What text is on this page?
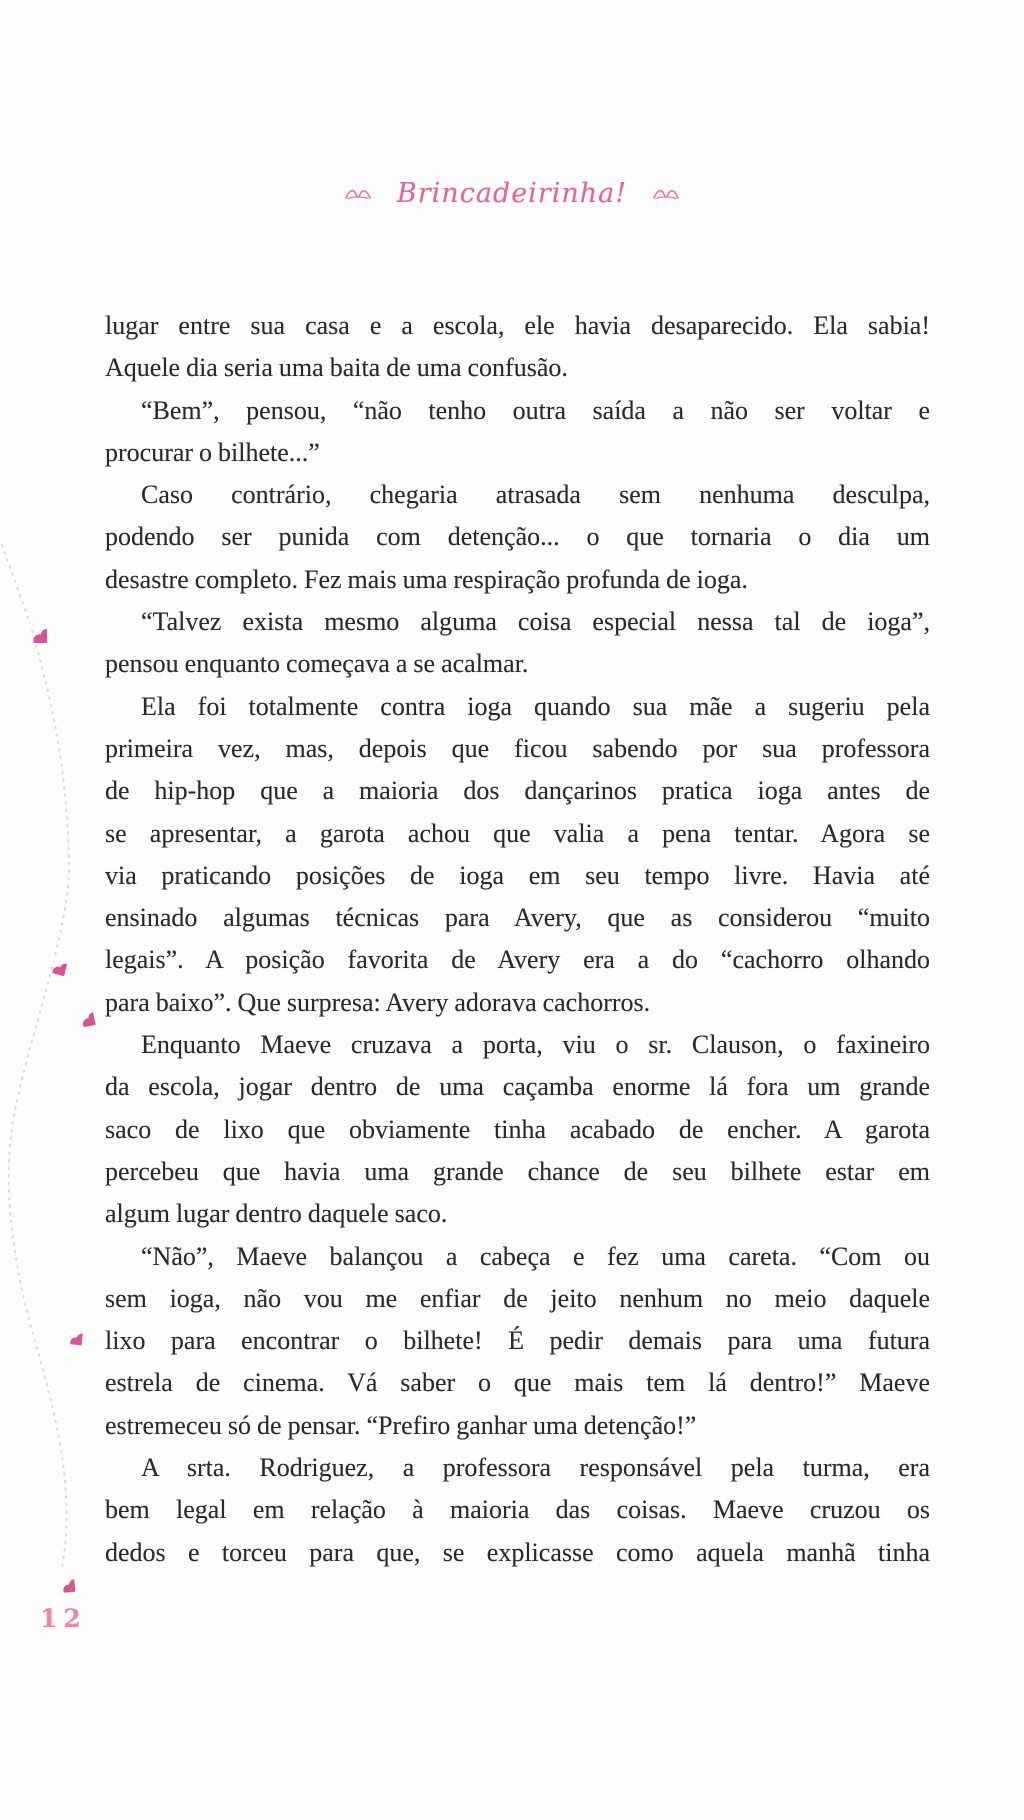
Brincadeirinha!
lugar entre sua casa e a escola, ele havia desaparecido. Ela sabia!
Aquele dia seria uma baita de uma confusão.
“Bem”, pensou, “não tenho outra saída a não ser voltar e
procurar o bilhete...”
Caso contrário, chegaria atrasada sem nenhuma desculpa,
podendo ser punida com detenção... o que tornaria o dia um
desastre completo. Fez mais uma respiração profunda de ioga.
“Talvez exista mesmo alguma coisa especial nessa tal de ioga”,
pensou enquanto começava a se acalmar.
Ela foi totalmente contra ioga quando sua mãe a sugeriu pela
primeira vez, mas, depois que ficou sabendo por sua professora
de hip-hop que a maioria dos dançarinos pratica ioga antes de
se apresentar, a garota achou que valia a pena tentar. Agora se
via praticando posições de ioga em seu tempo livre. Havia até
ensinado algumas técnicas para Avery, que as considerou “muito
legais”. A posição favorita de Avery era a do “cachorro olhando
para baixo”. Que surpresa: Avery adorava cachorros.
Enquanto Maeve cruzava a porta, viu o sr. Clauson, o faxineiro
da escola, jogar dentro de uma caçamba enorme lá fora um grande
saco de lixo que obviamente tinha acabado de encher. A garota
percebeu que havia uma grande chance de seu bilhete estar em
algum lugar dentro daquele saco.
“Não”, Maeve balançou a cabeça e fez uma careta. “Com ou
sem ioga, não vou me enfiar de jeito nenhum no meio daquele
lixo para encontrar o bilhete! É pedir demais para uma futura
estrela de cinema. Vá saber o que mais tem lá dentro!” Maeve
estremeceu só de pensar. “Prefiro ganhar uma detenção!”
A srta. Rodriguez, a professora responsável pela turma, era
bem legal em relação à maioria das coisas. Maeve cruzou os
dedos e torceu para que, se explicasse como aquela manhã tinha
12
